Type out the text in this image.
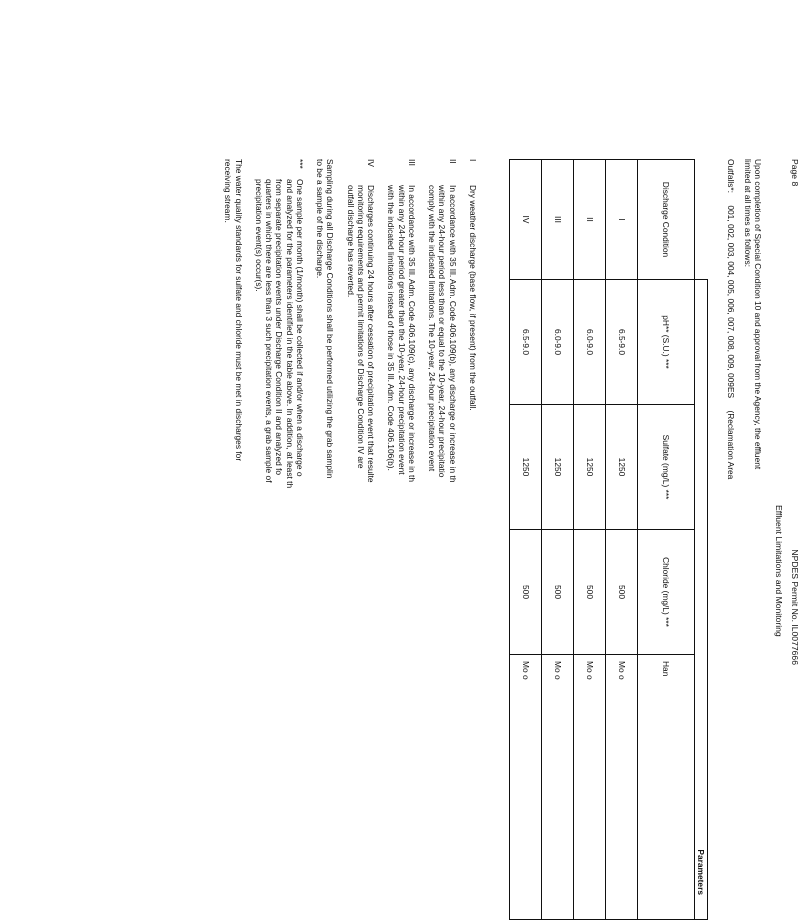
Page 8
NPDES Permit No. IL0077666
Effluent Limitations and Monitoring
Upon completion of Special Condition 10 and approval from the Agency, the effluent
limited at all times as follows:
Outfalls*: 001, 002, 003, 004, 005, 006, 007, 008, 009, 009ES (Reclamation Area
	Parameters			
Discharge Condition	pH** (S.U.) ***	Sulfate (mg/L) ***	Chloride (mg/L) ***	Han
I	6.5-9.0	1250	500	Mo o
II	6.0-9.0	1250	500	Mo o
III	6.0-9.0	1250	500	Mo o
IV	6.5-9.0	1250	500	Mo o
I
Dry weather discharge (base flow, if present) from the outfall.
II
In accordance with 35 Ill. Adm. Code 406.109(b), any discharge or increase in th
within any 24-hour period less than or equal to the 10-year, 24-hour precipitatio
comply with the indicated limitations. The 10-year, 24-hour precipitation event
III
In accordance with 35 Ill. Adm. Code 406.109(c), any discharge or increase in th
within any 24-hour period greater than the 10-year, 24-hour precipitation event
with the indicated limitations instead of those in 35 Ill. Adm. Code 406.106(b).
IV
Discharges continuing 24 hours after cessation of precipitation event that resulte
monitoring requirements and permit limitations of Discharge Condition IV are
outfall discharge has reverted.
Sampling during all Discharge Conditions shall be performed utilizing the grab samplin
to be a sample of the discharge.
***
One sample per month (1/month) shall be collected if and/or when a discharge o
and analyzed for the parameters identified in the table above. In addition, at least th
from separate precipitation events under Discharge Condition II and analyzed fo
quarters in which there are less than 3 such precipitation events, a grab sample of
precipitation event(s) occur(s).
The water quality standards for sulfate and chloride must be met in discharges for
receiving stream.
